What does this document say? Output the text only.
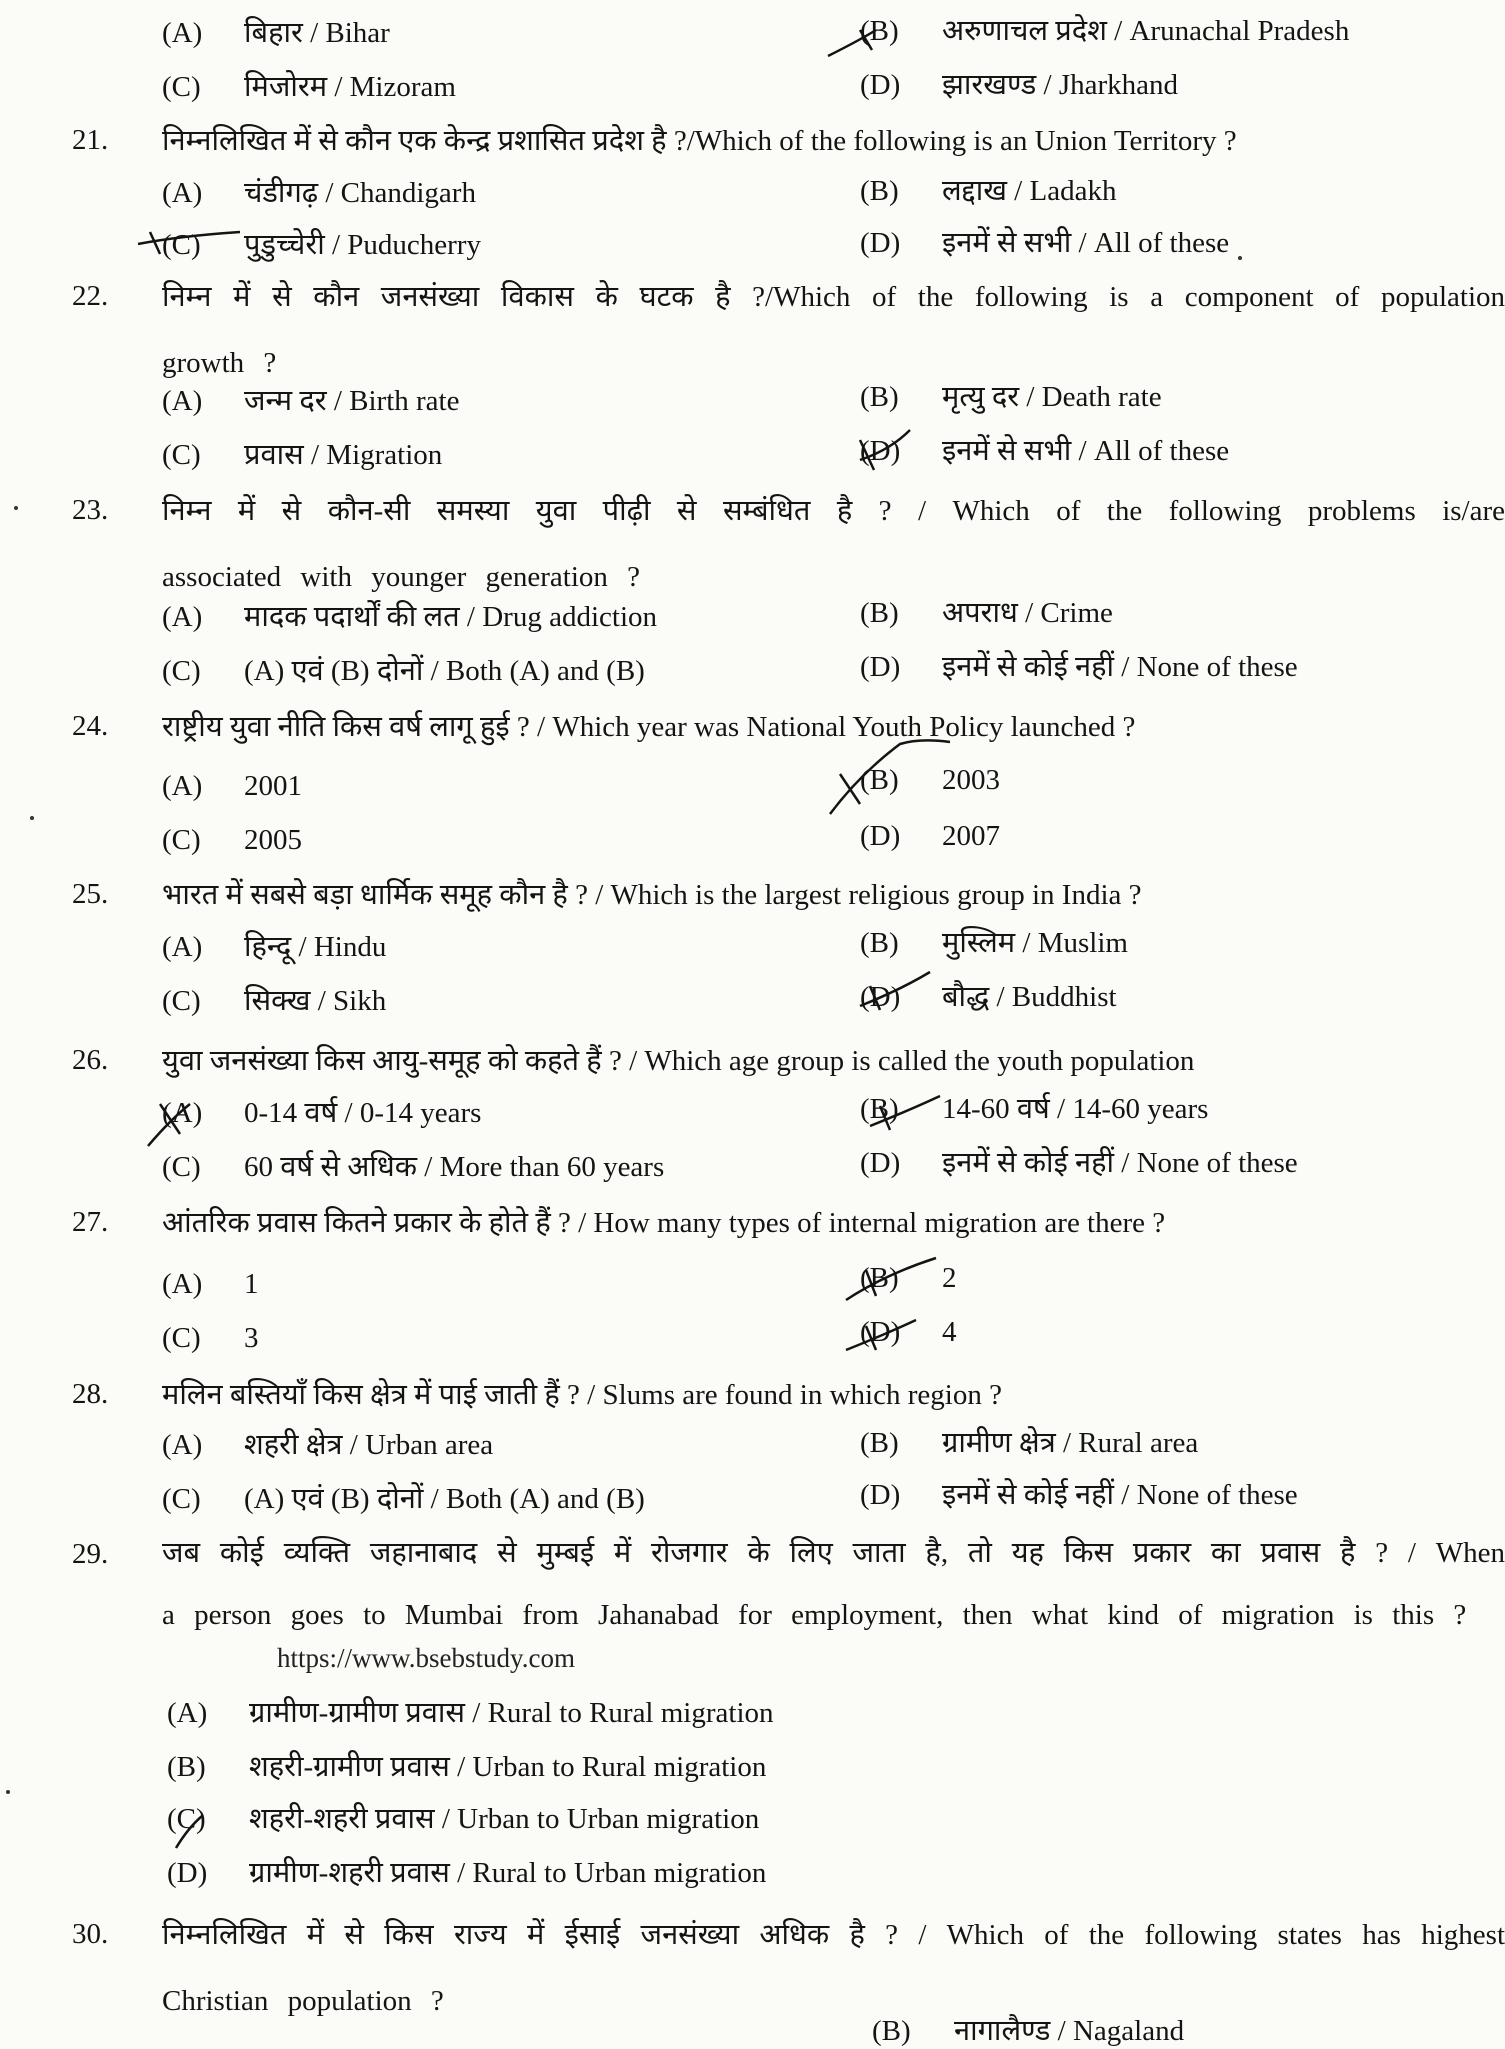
(A) बिहार / Bihar	(B) अरुणाचल प्रदेश / Arunachal Pradesh
(C) मिजोरम / Mizoram	(D) झारखण्ड / Jharkhand
21. निम्नलिखित में से कौन एक केन्द्र प्रशासित प्रदेश है ?/Which of the following is an Union Territory ?
(A) चंडीगढ़ / Chandigarh	(B) लद्दाख / Ladakh
(C) पुडुच्चेरी / Puducherry	(D) इनमें से सभी / All of these
22. निम्न में से कौन जनसंख्या विकास के घटक है ?/Which of the following is a component of population growth ?
(A) जन्म दर / Birth rate	(B) मृत्यु दर / Death rate
(C) प्रवास / Migration	(D) इनमें से सभी / All of these
23. निम्न में से कौन-सी समस्या युवा पीढ़ी से सम्बंधित है ? / Which of the following problems is/are associated with younger generation ?
(A) मादक पदार्थों की लत / Drug addiction	(B) अपराध / Crime
(C) (A) एवं (B) दोनों / Both (A) and (B)	(D) इनमें से कोई नहीं / None of these
24. राष्ट्रीय युवा नीति किस वर्ष लागू हुई ? / Which year was National Youth Policy launched ?
(A) 2001	(B) 2003
(C) 2005	(D) 2007
25. भारत में सबसे बड़ा धार्मिक समूह कौन है ? / Which is the largest religious group in India ?
(A) हिन्दू / Hindu	(B) मुस्लिम / Muslim
(C) सिक्ख / Sikh	(D) बौद्ध / Buddhist
26. युवा जनसंख्या किस आयु-समूह को कहते हैं ? / Which age group is called the youth population
(A) 0-14 वर्ष / 0-14 years	(B) 14-60 वर्ष / 14-60 years
(C) 60 वर्ष से अधिक / More than 60 years	(D) इनमें से कोई नहीं / None of these
27. आंतरिक प्रवास कितने प्रकार के होते हैं ? / How many types of internal migration are there ?
(A) 1	(B) 2
(C) 3	(D) 4
28. मलिन बस्तियाँ किस क्षेत्र में पाई जाती हैं ? / Slums are found in which region ?
(A) शहरी क्षेत्र / Urban area	(B) ग्रामीण क्षेत्र / Rural area
(C) (A) एवं (B) दोनों / Both (A) and (B)	(D) इनमें से कोई नहीं / None of these
29. जब कोई व्यक्ति जहानाबाद से मुम्बई में रोजगार के लिए जाता है, तो यह किस प्रकार का प्रवास है ? / When a person goes to Mumbai from Jahanabad for employment, then what kind of migration is this ?
(A) ग्रामीण-ग्रामीण प्रवास / Rural to Rural migration
(B) शहरी-ग्रामीण प्रवास / Urban to Rural migration
(C) शहरी-शहरी प्रवास / Urban to Urban migration
(D) ग्रामीण-शहरी प्रवास / Rural to Urban migration
https://www.bsebstudy.com
30. निम्नलिखित में से किस राज्य में ईसाई जनसंख्या अधिक है ? / Which of the following states has highest Christian population ?
(B) नागालैण्ड / Nagaland
